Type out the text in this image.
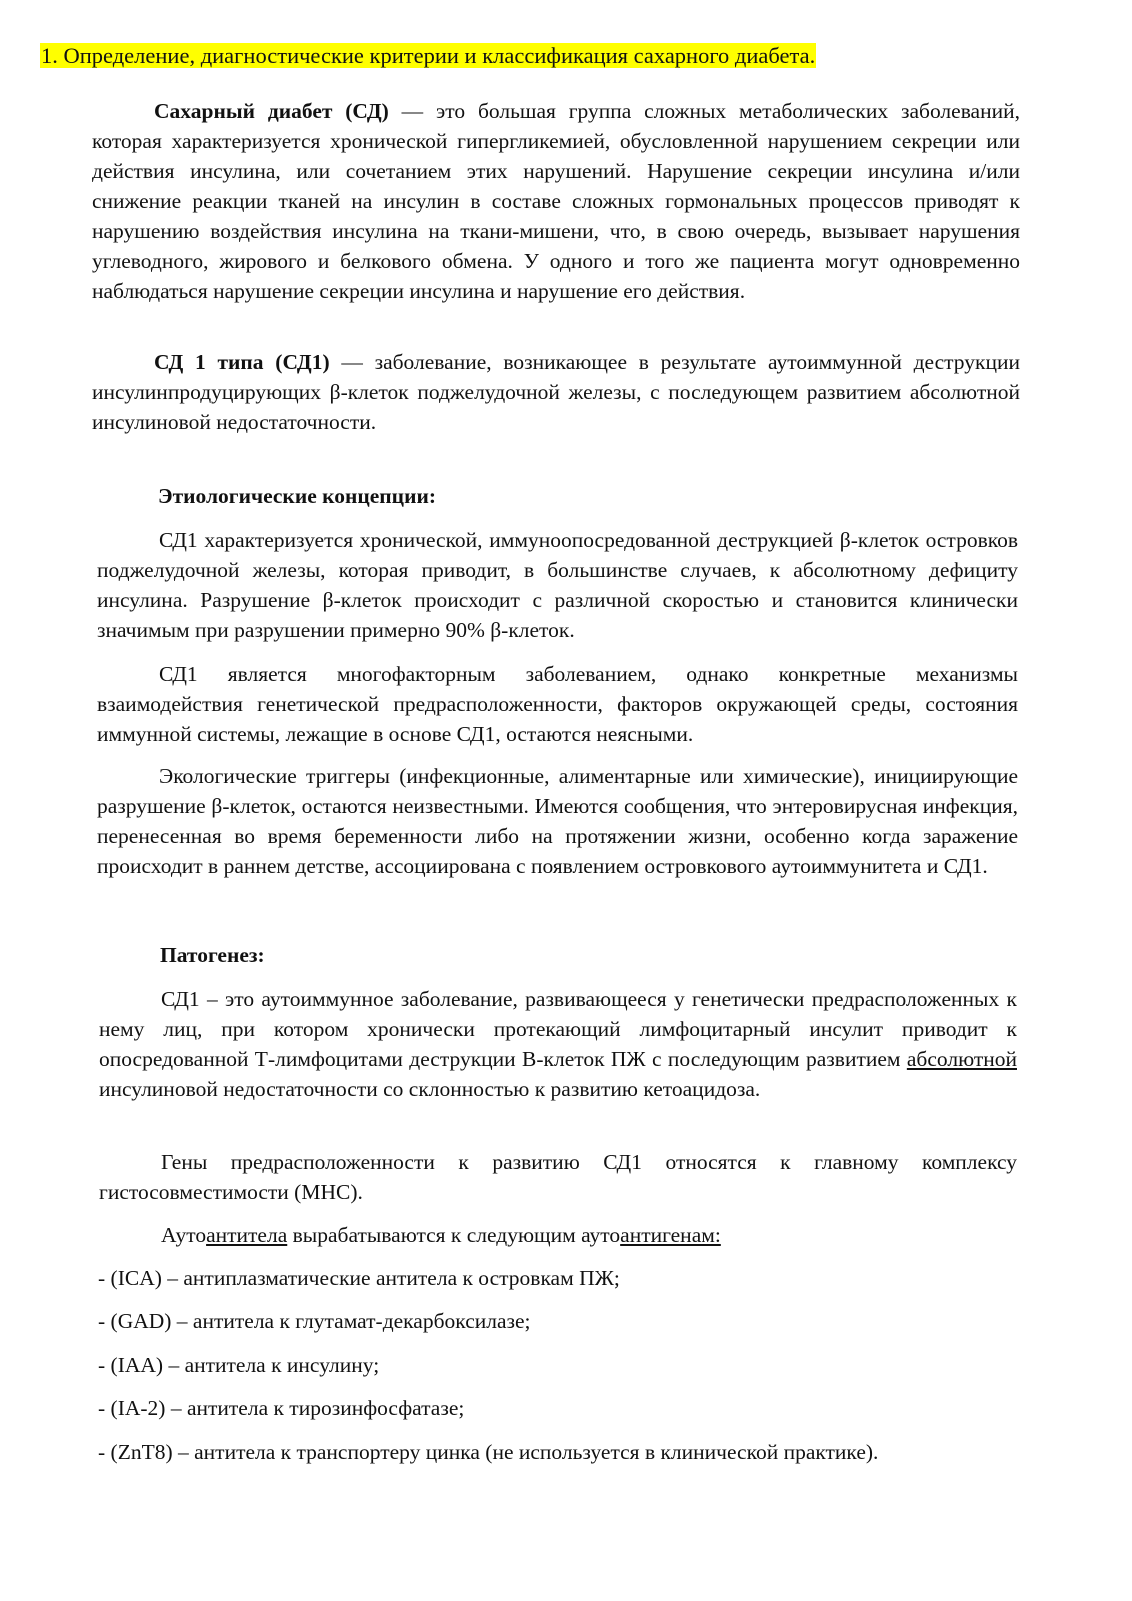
1. Определение, диагностические критерии и классификация сахарного диабета.

Сахарный диабет (СД) — это большая группа сложных метаболических заболеваний, которая характеризуется хронической гипергликемией, обусловленной нарушением секреции или действия инсулина, или сочетанием этих нарушений. Нарушение секреции инсулина и/или снижение реакции тканей на инсулин в составе сложных гормональных процессов приводят к нарушению воздействия инсулина на ткани-мишени, что, в свою очередь, вызывает нарушения углеводного, жирового и белкового обмена. У одного и того же пациента могут одновременно наблюдаться нарушение секреции инсулина и нарушение его действия.

СД 1 типа (СД1) — заболевание, возникающее в результате аутоиммунной деструкции инсулинпродуцирующих β-клеток поджелудочной железы, с последующем развитием абсолютной инсулиновой недостаточности.

Этиологические концепции:

СД1 характеризуется хронической, иммуноопосредованной деструкцией β-клеток островков поджелудочной железы, которая приводит, в большинстве случаев, к абсолютному дефициту инсулина. Разрушение β-клеток происходит с различной скоростью и становится клинически значимым при разрушении примерно 90% β-клеток.

СД1 является многофакторным заболеванием, однако конкретные механизмы взаимодействия генетической предрасположенности, факторов окружающей среды, состояния иммунной системы, лежащие в основе СД1, остаются неясными.

Экологические триггеры (инфекционные, алиментарные или химические), инициирующие разрушение β-клеток, остаются неизвестными. Имеются сообщения, что энтеровирусная инфекция, перенесенная во время беременности либо на протяжении жизни, особенно когда заражение происходит в раннем детстве, ассоциирована с появлением островкового аутоиммунитета и СД1.

Патогенез:

СД1 – это аутоиммунное заболевание, развивающееся у генетически предрасположенных к нему лиц, при котором хронически протекающий лимфоцитарный инсулит приводит к опосредованной Т-лимфоцитами деструкции В-клеток ПЖ с последующим развитием абсолютной инсулиновой недостаточности со склонностью к развитию кетоацидоза.

Гены предрасположенности к развитию СД1 относятся к главному комплексу гистосовместимости (МНС).

Аутоантитела вырабатываются к следующим аутоантигенам:

- (ICA) – антиплазматические антитела к островкам ПЖ;
- (GAD) – антитела к глутамат-декарбоксилазе;
- (IAA) – антитела к инсулину;
- (IA-2) – антитела к тирозинфосфатазе;
- (ZnT8) – антитела к транспортеру цинка (не используется в клинической практике).
